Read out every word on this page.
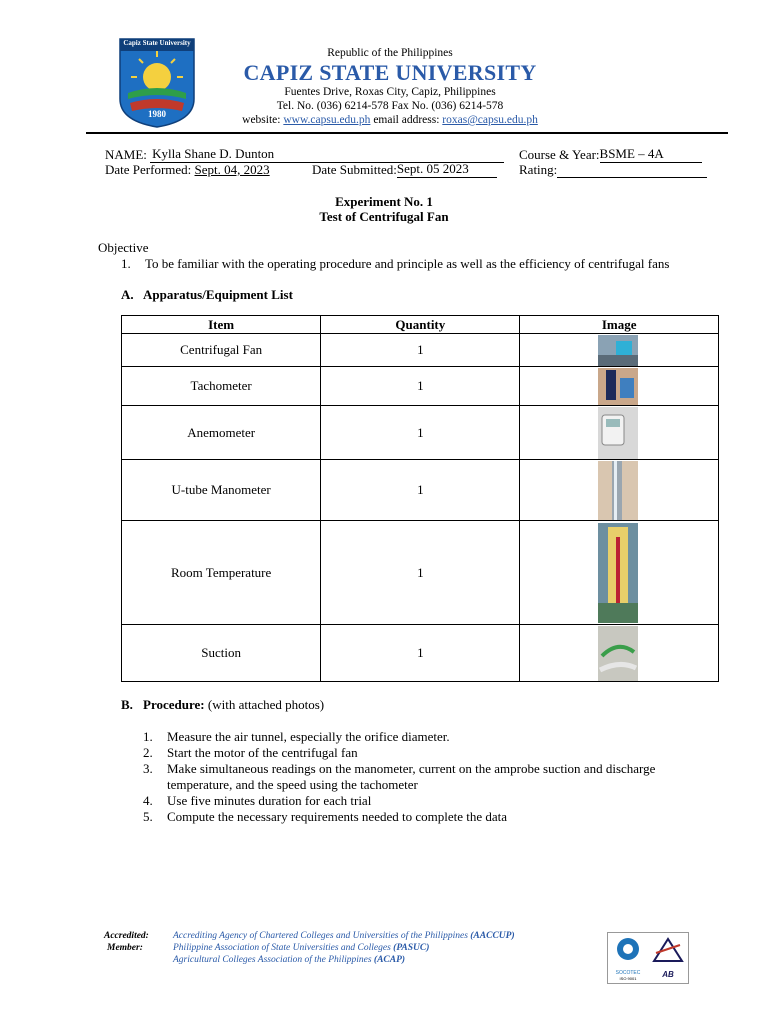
Capiz State University
1980
Republic of the Philippines
CAPIZ STATE UNIVERSITY
Fuentes Drive, Roxas City, Capiz, Philippines
Tel. No. (036) 6214-578 Fax No. (036) 6214-578
website: www.capsu.edu.ph email address: roxas@capsu.edu.ph
NAME: Kylla Shane D. Dunton	Course & Year: BSME – 4A
Date Performed: Sept. 04, 2023	Date Submitted: Sept. 05 2023	Rating:
Experiment No. 1
Test of Centrifugal Fan
Objective
1. To be familiar with the operating procedure and principle as well as the efficiency of centrifugal fans
A. Apparatus/Equipment List
Item	Quantity	Image
Centrifugal Fan	1	

Tachometer	1	

Anemometer	1	

U-tube Manometer	1	

Room Temperature	1	

Suction	1	
B. Procedure: (with attached photos)
1.	Measure the air tunnel, especially the orifice diameter.
2.	Start the motor of the centrifugal fan
3.	Make simultaneous readings on the manometer, current on the amprobe suction and discharge temperature, and the speed using the tachometer
4.	Use five minutes duration for each trial
5.	Compute the necessary requirements needed to complete the data
Accredited:
Member:
Accrediting Agency of Chartered Colleges and Universities of the Philippines (AACCUP)
Philippine Association of State Universities and Colleges (PASUC)
Agricultural Colleges Association of the Philippines (ACAP)
SOCOTEC
ISO 9001	AB
